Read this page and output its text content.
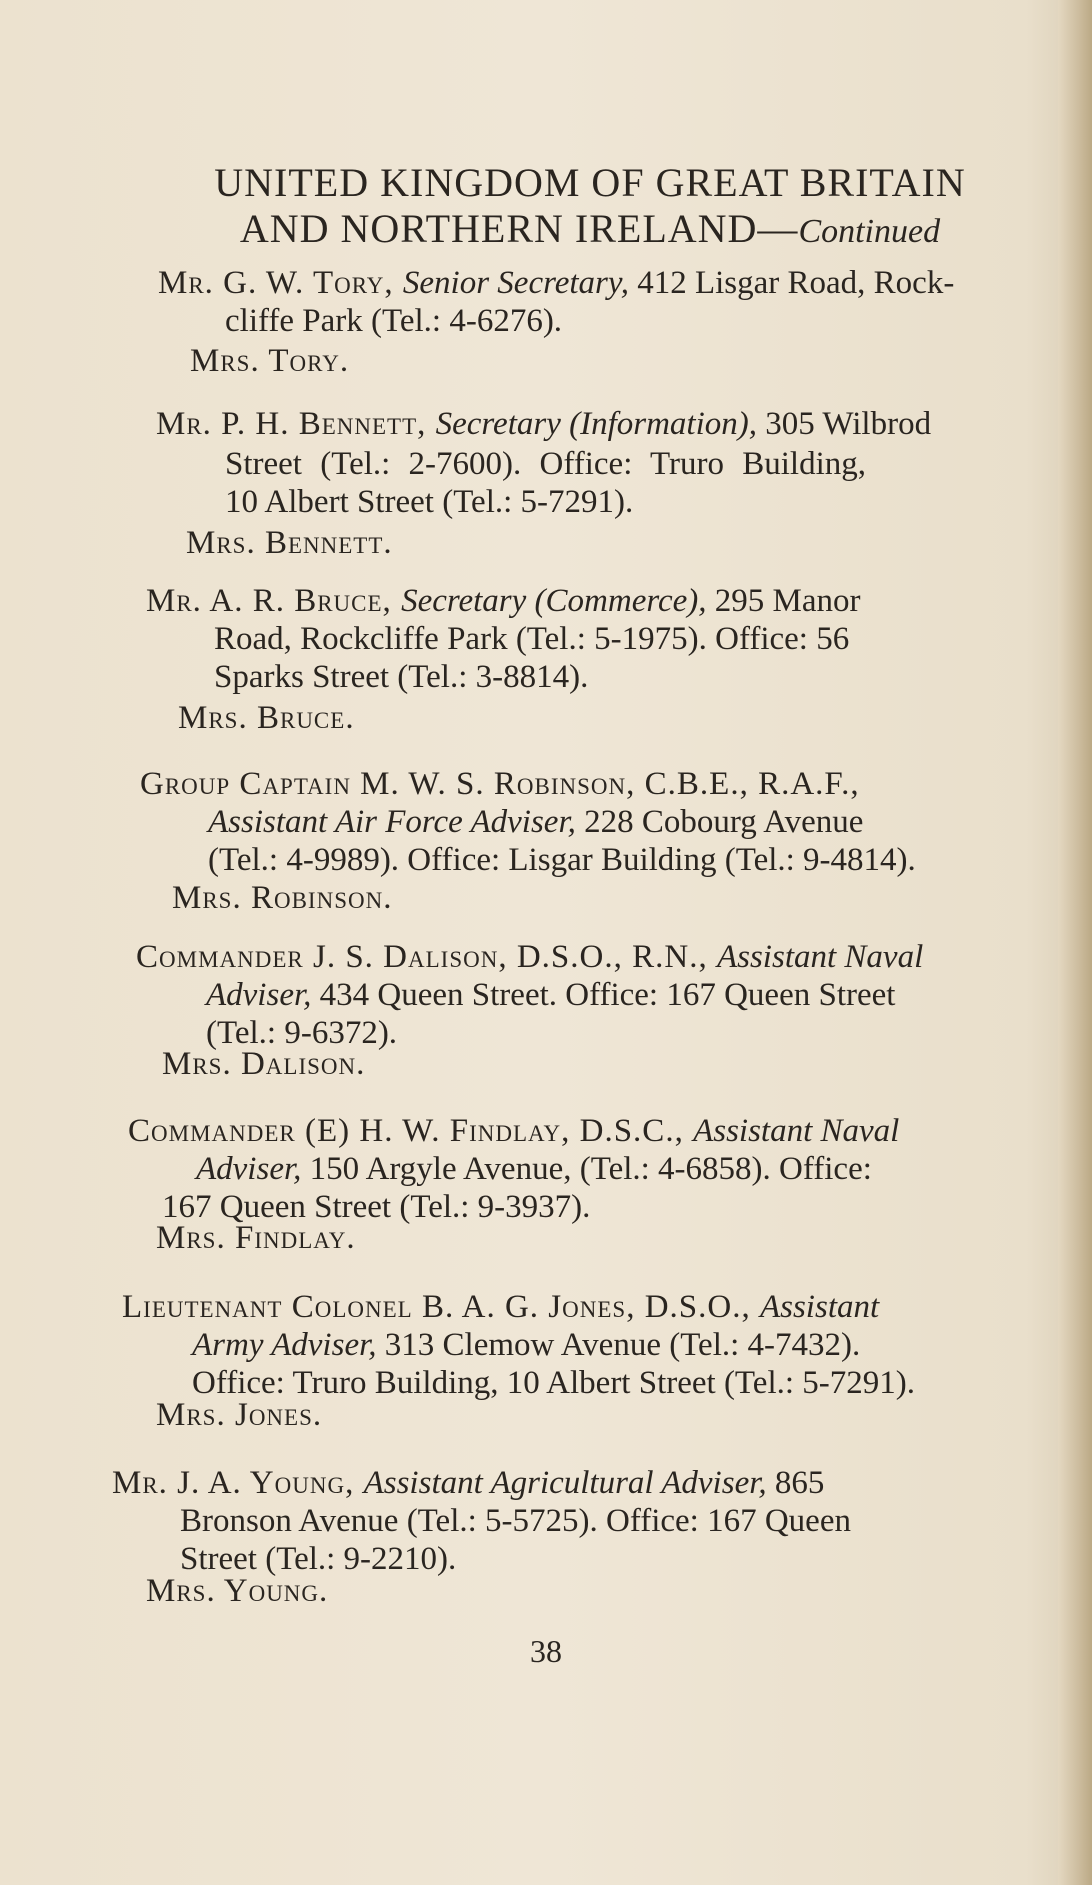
UNITED KINGDOM OF GREAT BRITAIN
AND NORTHERN IRELAND—Continued
Mr. G. W. Tory, Senior Secretary, 412 Lisgar Road, Rock-
cliffe Park (Tel.: 4-6276).
Mrs. Tory.
Mr. P. H. Bennett, Secretary (Information), 305 Wilbrod
Street (Tel.: 2-7600). Office: Truro Building,
10 Albert Street (Tel.: 5-7291).
Mrs. Bennett.
Mr. A. R. Bruce, Secretary (Commerce), 295 Manor
Road, Rockcliffe Park (Tel.: 5-1975). Office: 56
Sparks Street (Tel.: 3-8814).
Mrs. Bruce.
Group Captain M. W. S. Robinson, C.B.E., R.A.F.,
Assistant Air Force Adviser, 228 Cobourg Avenue
(Tel.: 4-9989). Office: Lisgar Building (Tel.: 9-4814).
Mrs. Robinson.
Commander J. S. Dalison, D.S.O., R.N., Assistant Naval
Adviser, 434 Queen Street. Office: 167 Queen Street
(Tel.: 9-6372).
Mrs. Dalison.
Commander (E) H. W. Findlay, D.S.C., Assistant Naval
Adviser, 150 Argyle Avenue, (Tel.: 4-6858). Office:
167 Queen Street (Tel.: 9-3937).
Mrs. Findlay.
Lieutenant Colonel B. A. G. Jones, D.S.O., Assistant
Army Adviser, 313 Clemow Avenue (Tel.: 4-7432).
Office: Truro Building, 10 Albert Street (Tel.: 5-7291).
Mrs. Jones.
Mr. J. A. Young, Assistant Agricultural Adviser, 865
Bronson Avenue (Tel.: 5-5725). Office: 167 Queen
Street (Tel.: 9-2210).
Mrs. Young.
38
